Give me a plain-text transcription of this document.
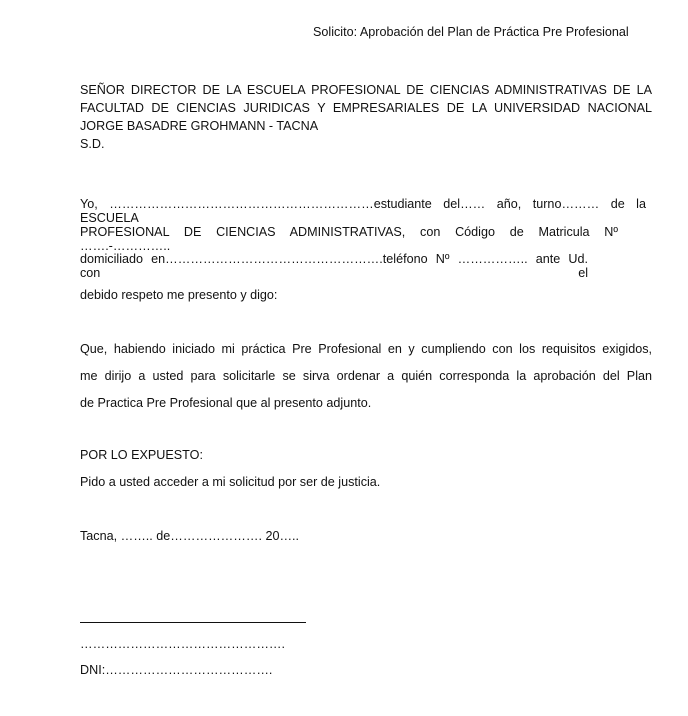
Solicito: Aprobación del Plan de Práctica Pre Profesional
SEÑOR DIRECTOR DE LA ESCUELA PROFESIONAL DE CIENCIAS ADMINISTRATIVAS DE LA
FACULTAD DE CIENCIAS JURIDICAS Y EMPRESARIALES DE LA UNIVERSIDAD NACIONAL
JORGE BASADRE GROHMANN - TACNA
S.D.
Yo, ………………………………………………………estudiante del…… año, turno……… de la ESCUELA
PROFESIONAL DE CIENCIAS ADMINISTRATIVAS, con Código de Matricula Nº …….-…………..
domiciliado en…………………………………………….teléfono Nº …………….. ante Ud. con el
debido respeto me presento y digo:
Que, habiendo iniciado mi práctica Pre Profesional en y cumpliendo con los requisitos exigidos,
me dirijo a usted para solicitarle se sirva ordenar a quién corresponda la aprobación del Plan
de Practica Pre Profesional que al presento adjunto.
POR LO EXPUESTO:
Pido a usted acceder a mi solicitud por ser de justicia.
Tacna, …….. de…………………. 20…..
………………………………………….
DNI:………………………………….
